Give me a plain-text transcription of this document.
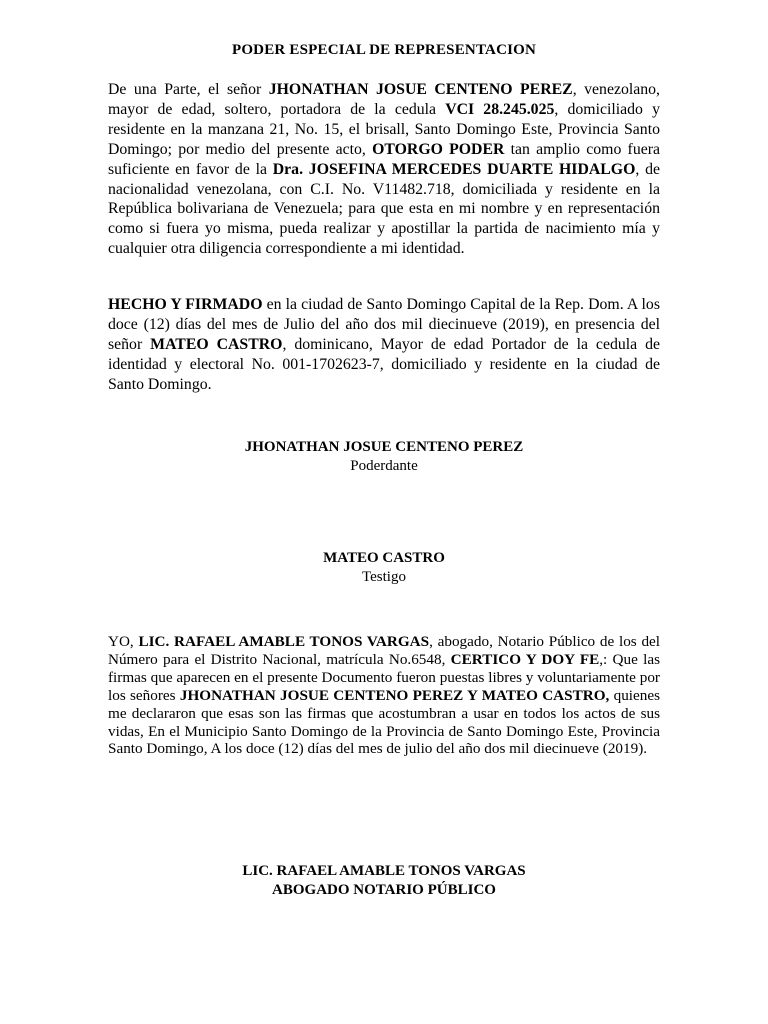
PODER ESPECIAL DE REPRESENTACION

De una Parte, el señor JHONATHAN JOSUE CENTENO PEREZ, venezolano, mayor de edad, soltero, portadora de la cedula VCI 28.245.025, domiciliado y residente en la manzana 21, No. 15, el brisall, Santo Domingo Este, Provincia Santo Domingo; por medio del presente acto, OTORGO PODER tan amplio como fuera suficiente en favor de la Dra. JOSEFINA MERCEDES DUARTE HIDALGO, de nacionalidad venezolana, con C.I. No. V11482.718, domiciliada y residente en la República bolivariana de Venezuela; para que esta en mi nombre y en representación como si fuera yo misma, pueda realizar y apostillar la partida de nacimiento mía y cualquier otra diligencia correspondiente a mi identidad.

HECHO Y FIRMADO en la ciudad de Santo Domingo Capital de la Rep. Dom. A los doce (12) días del mes de Julio del año dos mil diecinueve (2019), en presencia del señor MATEO CASTRO, dominicano, Mayor de edad Portador de la cedula de identidad y electoral No. 001-1702623-7, domiciliado y residente en la ciudad de Santo Domingo.

JHONATHAN JOSUE CENTENO PEREZ
Poderdante
MATEO CASTRO
Testigo

YO, LIC. RAFAEL AMABLE TONOS VARGAS, abogado, Notario Público de los del Número para el Distrito Nacional, matrícula No.6548, CERTICO Y DOY FE,: Que las firmas que aparecen en el presente Documento fueron puestas libres y voluntariamente por los señores JHONATHAN JOSUE CENTENO PEREZ Y MATEO CASTRO, quienes me declararon que esas son las firmas que acostumbran a usar en todos los actos de sus vidas, En el Municipio Santo Domingo de la Provincia de Santo Domingo Este, Provincia Santo Domingo, A los doce (12) días del mes de julio del año dos mil diecinueve (2019).

LIC. RAFAEL AMABLE TONOS VARGAS
ABOGADO NOTARIO PÚBLICO
